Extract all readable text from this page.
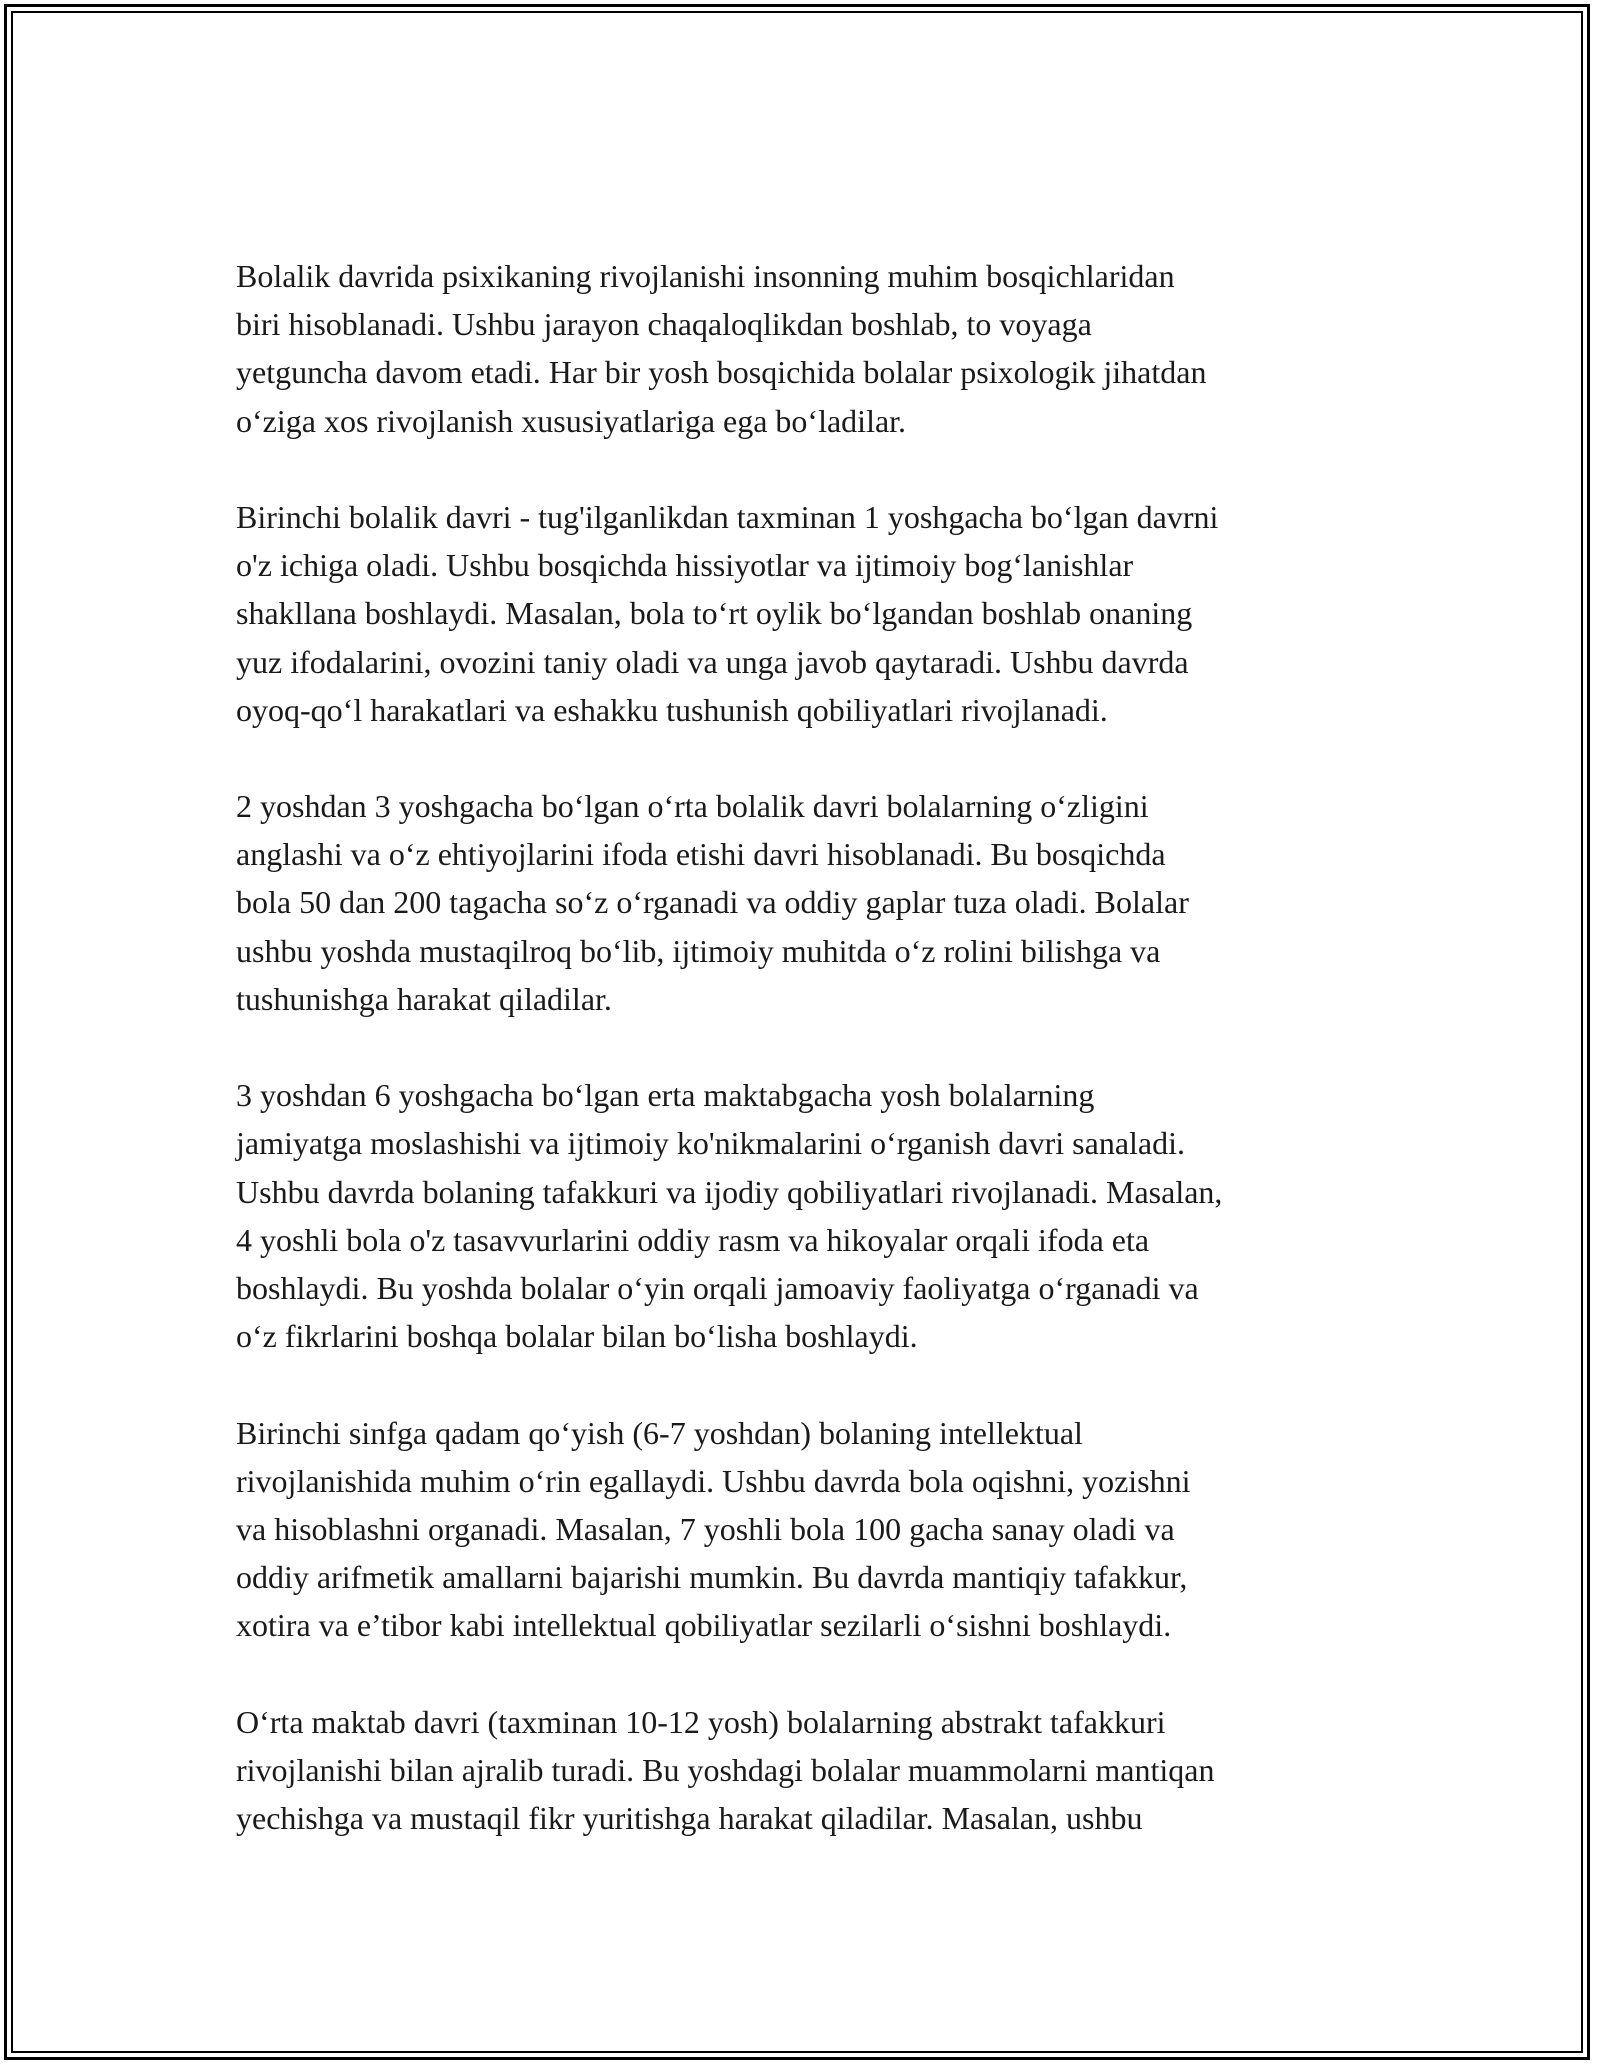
Bolalik davrida psixikaning rivojlanishi insonning muhim bosqichlaridan
biri hisoblanadi. Ushbu jarayon chaqaloqlikdan boshlab, to voyaga
yetguncha davom etadi. Har bir yosh bosqichida bolalar psixologik jihatdan
o‘ziga xos rivojlanish xususiyatlariga ega bo‘ladilar.
Birinchi bolalik davri - tug'ilganlikdan taxminan 1 yoshgacha bo‘lgan davrni
o'z ichiga oladi. Ushbu bosqichda hissiyotlar va ijtimoiy bog‘lanishlar
shakllana boshlaydi. Masalan, bola to‘rt oylik bo‘lgandan boshlab onaning
yuz ifodalarini, ovozini taniy oladi va unga javob qaytaradi. Ushbu davrda
oyoq-qo‘l harakatlari va eshakku tushunish qobiliyatlari rivojlanadi.
2 yoshdan 3 yoshgacha bo‘lgan o‘rta bolalik davri bolalarning o‘zligini
anglashi va o‘z ehtiyojlarini ifoda etishi davri hisoblanadi. Bu bosqichda
bola 50 dan 200 tagacha so‘z o‘rganadi va oddiy gaplar tuza oladi. Bolalar
ushbu yoshda mustaqilroq bo‘lib, ijtimoiy muhitda o‘z rolini bilishga va
tushunishga harakat qiladilar.
3 yoshdan 6 yoshgacha bo‘lgan erta maktabgacha yosh bolalarning
jamiyatga moslashishi va ijtimoiy ko'nikmalarini o‘rganish davri sanaladi.
Ushbu davrda bolaning tafakkuri va ijodiy qobiliyatlari rivojlanadi. Masalan,
4 yoshli bola o'z tasavvurlarini oddiy rasm va hikoyalar orqali ifoda eta
boshlaydi. Bu yoshda bolalar o‘yin orqali jamoaviy faoliyatga o‘rganadi va
o‘z fikrlarini boshqa bolalar bilan bo‘lisha boshlaydi.
Birinchi sinfga qadam qo‘yish (6-7 yoshdan) bolaning intellektual
rivojlanishida muhim o‘rin egallaydi. Ushbu davrda bola oqishni, yozishni
va hisoblashni organadi. Masalan, 7 yoshli bola 100 gacha sanay oladi va
oddiy arifmetik amallarni bajarishi mumkin. Bu davrda mantiqiy tafakkur,
xotira va e’tibor kabi intellektual qobiliyatlar sezilarli o‘sishni boshlaydi.
O‘rta maktab davri (taxminan 10-12 yosh) bolalarning abstrakt tafakkuri
rivojlanishi bilan ajralib turadi. Bu yoshdagi bolalar muammolarni mantiqan
yechishga va mustaqil fikr yuritishga harakat qiladilar. Masalan, ushbu
